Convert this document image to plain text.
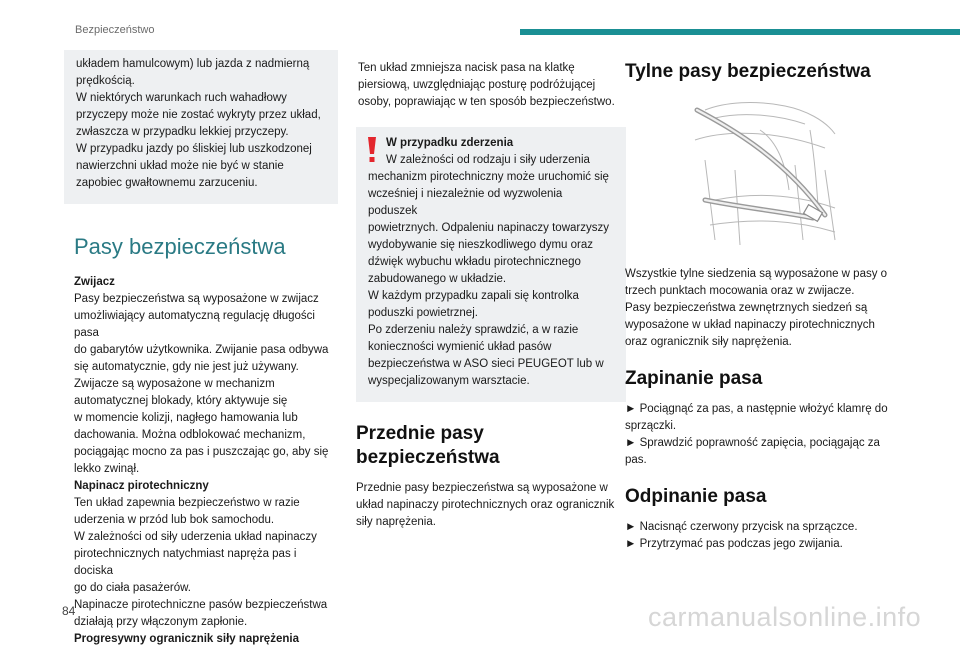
Bezpieczeństwo

układem hamulcowym) lub jazda z nadmierną

prędkością.

W niektórych warunkach ruch wahadłowy

przyczepy może nie zostać wykryty przez układ,

zwłaszcza w przypadku lekkiej przyczepy.

W przypadku jazdy po śliskiej lub uszkodzonej

nawierzchni układ może nie być w stanie

zapobiec gwałtownemu zarzuceniu.

Pasy bezpieczeństwa

Zwijacz

Pasy bezpieczeństwa są wyposażone w zwijacz

umożliwiający automatyczną regulację długości pasa

do gabarytów użytkownika. Zwijanie pasa odbywa

się automatycznie, gdy nie jest już używany.

Zwijacze są wyposażone w mechanizm

automatycznej blokady, który aktywuje się

w momencie kolizji, nagłego hamowania lub

dachowania. Można odblokować mechanizm,

pociągając mocno za pas i puszczając go, aby się

lekko zwinął.

Napinacz pirotechniczny

Ten układ zapewnia bezpieczeństwo w razie

uderzenia w przód lub bok samochodu.

W zależności od siły uderzenia układ napinaczy

pirotechnicznych natychmiast napręża pas i dociska

go do ciała pasażerów.

Napinacze pirotechniczne pasów bezpieczeństwa

działają przy włączonym zapłonie.

Progresywny ogranicznik siły naprężenia

Ten układ zmniejsza nacisk pasa na klatkę

piersiową, uwzględniając posturę podróżującej

osoby, poprawiając w ten sposób bezpieczeństwo.

W przypadku zderzenia

W zależności od rodzaju i siły uderzenia

mechanizm pirotechniczny może uruchomić się

wcześniej i niezależnie od wyzwolenia poduszek

powietrznych. Odpaleniu napinaczy towarzyszy

wydobywanie się nieszkodliwego dymu oraz

dźwięk wybuchu wkładu pirotechnicznego

zabudowanego w układzie.

W każdym przypadku zapali się kontrolka

poduszki powietrznej.

Po zderzeniu należy sprawdzić, a w razie

konieczności wymienić układ pasów

bezpieczeństwa w ASO sieci PEUGEOT lub w

wyspecjalizowanym warsztacie.

Przednie pasy bezpieczeństwa

Przednie pasy bezpieczeństwa są wyposażone w

układ napinaczy pirotechnicznych oraz ogranicznik

siły naprężenia.

Tylne pasy bezpieczeństwa

Wszystkie tylne siedzenia są wyposażone w pasy o

trzech punktach mocowania oraz w zwijacze.

Pasy bezpieczeństwa zewnętrznych siedzeń są

wyposażone w układ napinaczy pirotechnicznych

oraz ogranicznik siły naprężenia.

Zapinanie pasa

► Pociągnąć za pas, a następnie włożyć klamrę do

sprzączki.

► Sprawdzić poprawność zapięcia, pociągając za

pas.

Odpinanie pasa

► Nacisnąć czerwony przycisk na sprzączce.

► Przytrzymać pas podczas jego zwijania.

84	carmanualsonline.info
